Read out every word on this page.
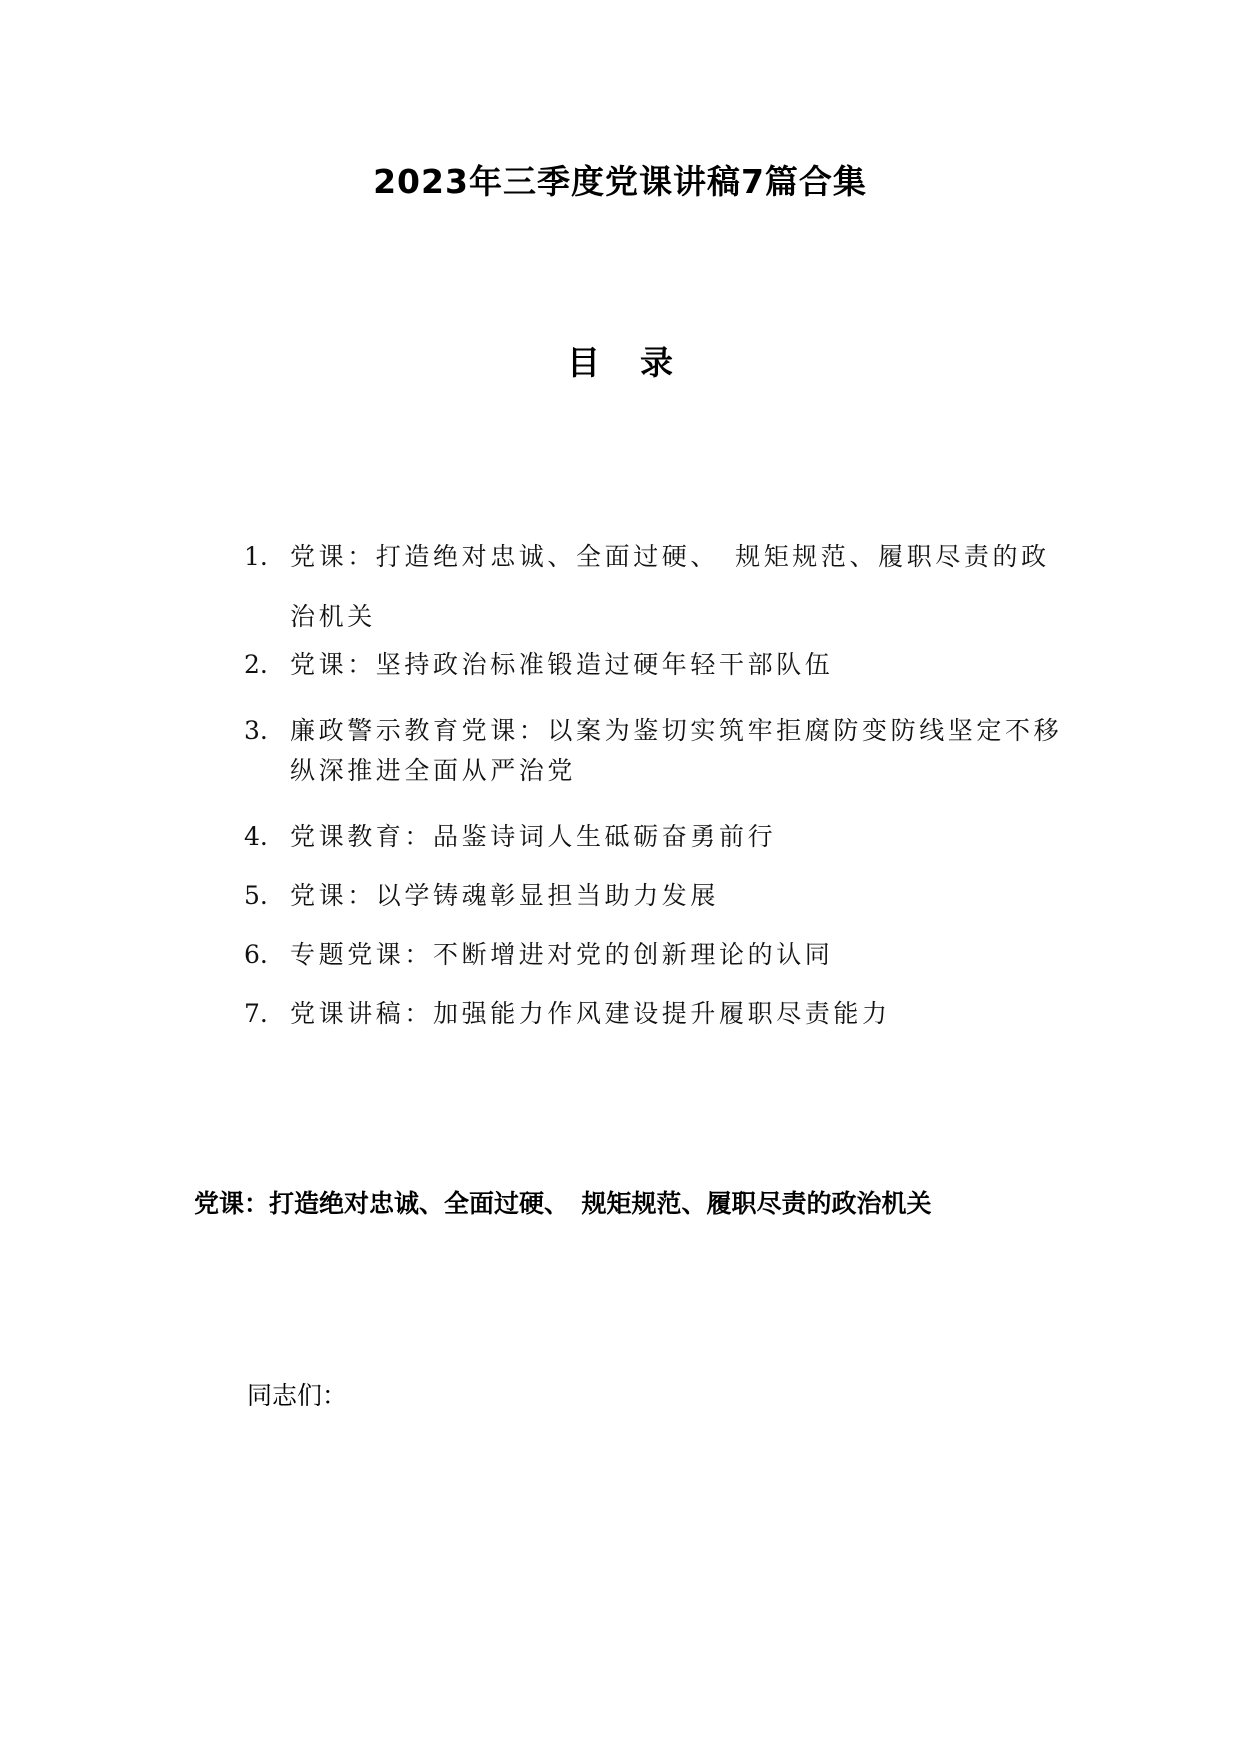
2023年三季度党课讲稿7篇合集
目录
1. 党课：打造绝对忠诚、全面过硬、　规矩规范、履职尽责的政治机关
2. 党课：坚持政治标准锻造过硬年轻干部队伍
3. 廉政警示教育党课：以案为鉴切实筑牢拒腐防变防线坚定不移纵深推进全面从严治党
4. 党课教育：品鉴诗词人生砥砺奋勇前行
5. 党课：以学铸魂彰显担当助力发展
6. 专题党课：不断增进对党的创新理论的认同
7. 党课讲稿：加强能力作风建设提升履职尽责能力
党课：打造绝对忠诚、全面过硬、　规矩规范、履职尽责的政治机关

同志们：
